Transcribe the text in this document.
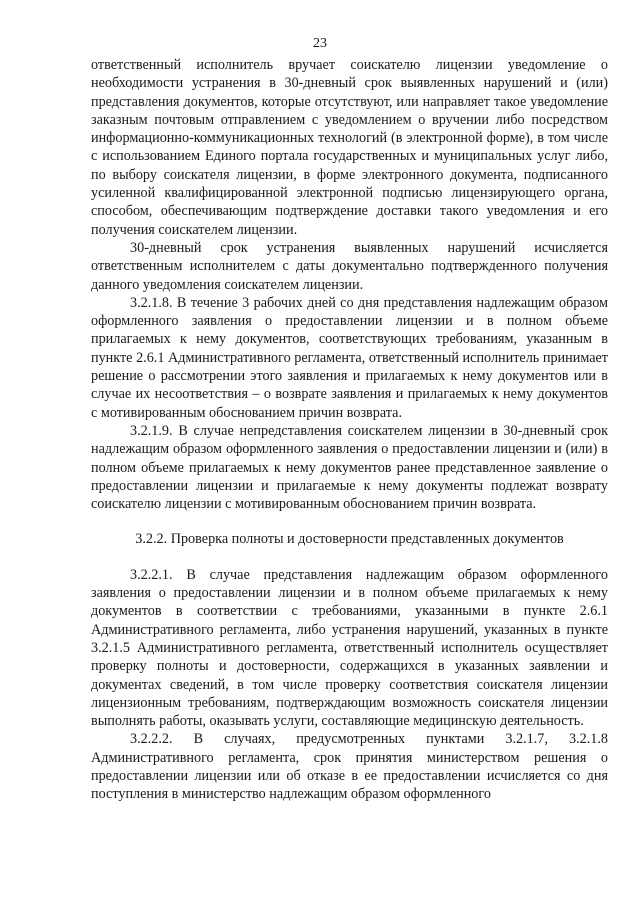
23

ответственный исполнитель вручает соискателю лицензии уведомление о необходимости устранения в 30-дневный срок выявленных нарушений и (или) представления документов, которые отсутствуют, или направляет такое уведомление заказным почтовым отправлением с уведомлением о вручении либо посредством информационно-коммуникационных технологий (в электронной форме), в том числе с использованием Единого портала государственных и муниципальных услуг либо, по выбору соискателя лицензии, в форме электронного документа, подписанного усиленной квалифицированной электронной подписью лицензирующего органа, способом, обеспечивающим подтверждение доставки такого уведомления и его получения соискателем лицензии.

30-дневный срок устранения выявленных нарушений исчисляется ответственным исполнителем с даты документально подтвержденного получения данного уведомления соискателем лицензии.

3.2.1.8. В течение 3 рабочих дней со дня представления надлежащим образом оформленного заявления о предоставлении лицензии и в полном объеме прилагаемых к нему документов, соответствующих требованиям, указанным в пункте 2.6.1 Административного регламента, ответственный исполнитель принимает решение о рассмотрении этого заявления и прилагаемых к нему документов или в случае их несоответствия – о возврате заявления и прилагаемых к нему документов с мотивированным обоснованием причин возврата.

3.2.1.9. В случае непредставления соискателем лицензии в 30-дневный срок надлежащим образом оформленного заявления о предоставлении лицензии и (или) в полном объеме прилагаемых к нему документов ранее представленное заявление о предоставлении лицензии и прилагаемые к нему документы подлежат возврату соискателю лицензии с мотивированным обоснованием причин возврата.

3.2.2. Проверка полноты и достоверности представленных документов

3.2.2.1. В случае представления надлежащим образом оформленного заявления о предоставлении лицензии и в полном объеме прилагаемых к нему документов в соответствии с требованиями, указанными в пункте 2.6.1 Административного регламента, либо устранения нарушений, указанных в пункте 3.2.1.5 Административного регламента, ответственный исполнитель осуществляет проверку полноты и достоверности, содержащихся в указанных заявлении и документах сведений, в том числе проверку соответствия соискателя лицензии лицензионным требованиям, подтверждающим возможность соискателя лицензии выполнять работы, оказывать услуги, составляющие медицинскую деятельность.

3.2.2.2. В случаях, предусмотренных пунктами 3.2.1.7, 3.2.1.8 Административного регламента, срок принятия министерством решения о предоставлении лицензии или об отказе в ее предоставлении исчисляется со дня поступления в министерство надлежащим образом оформленного
